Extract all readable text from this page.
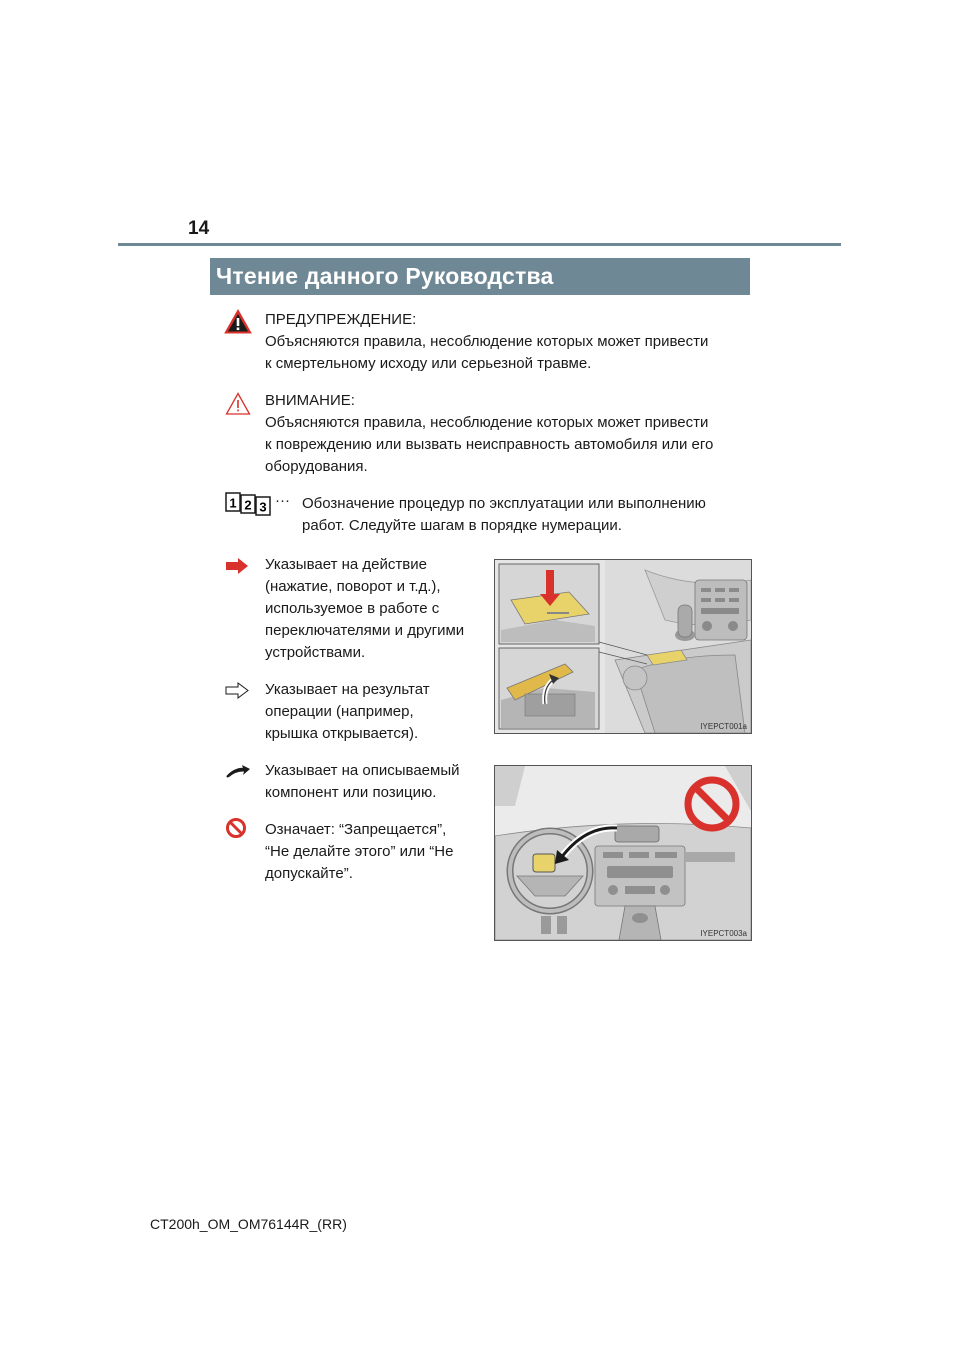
14
Чтение данного Руководства
ПРЕДУПРЕЖДЕНИЕ:
Объясняются правила, несоблюдение которых может привести
к смертельному исходу или серьезной травме.
ВНИМАНИЕ:
Объясняются правила, несоблюдение которых может привести
к повреждению или вызвать неисправность автомобиля или его
оборудования.
1 2 3 ··· Обозначение процедур по эксплуатации или выполнению
работ. Следуйте шагам в порядке нумерации.
Указывает на действие
(нажатие, поворот и т.д.),
используемое в работе с
переключателями и другими
устройствами.
Указывает на результат
операции (например,
крышка открывается).
Указывает на описываемый
компонент или позицию.
Означает: “Запрещается”,
“Не делайте этого” или “Не
допускайте”.
IYEPCT001a
IYEPCT003a
CT200h_OM_OM76144R_(RR)
